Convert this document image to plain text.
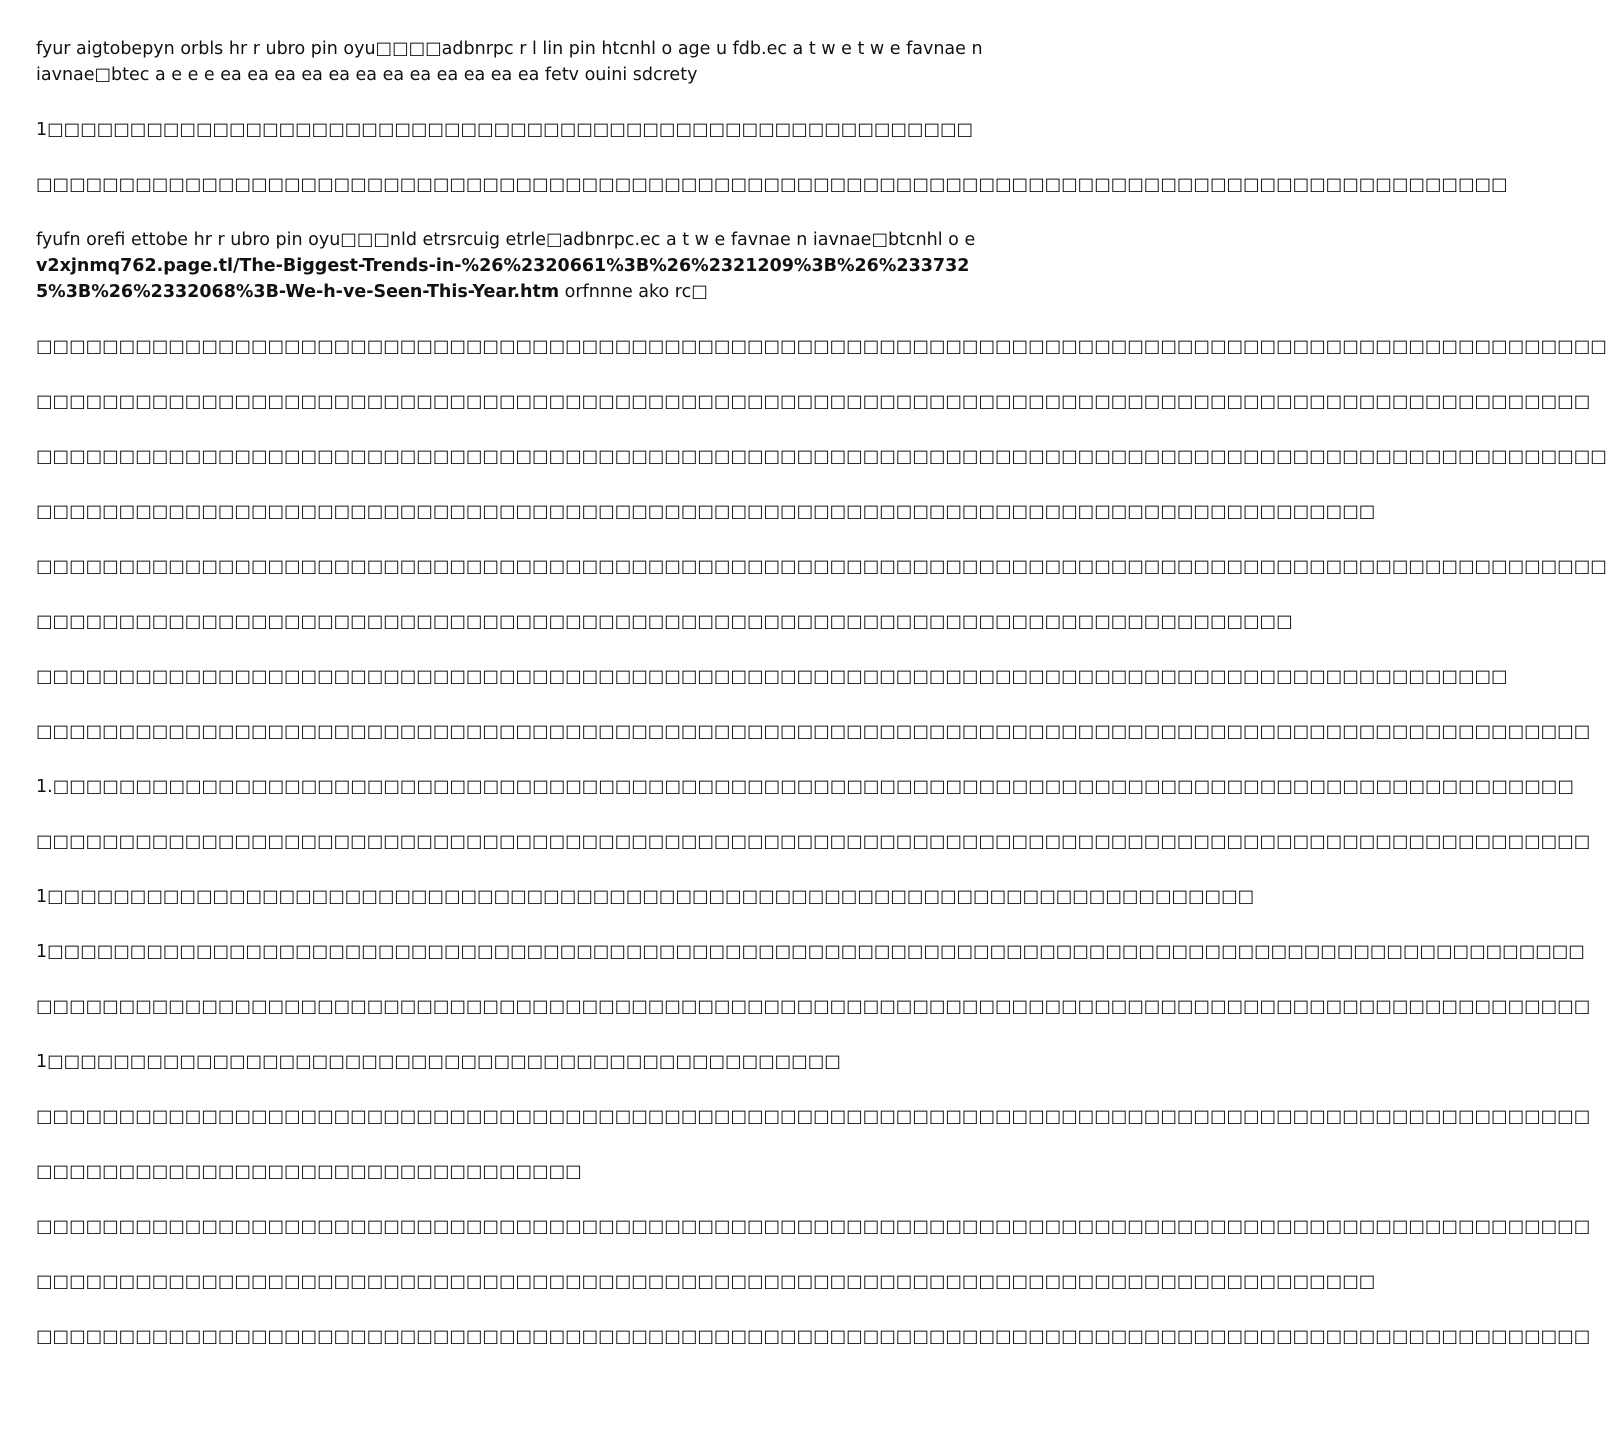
fyur aigtobepyn orbls hr r ubro pin oyu□□□□adbnrpc r l lin pin htcnhl o age u fdb.ec a t w e t w e favnae n iavnae□btec a e e e ea ea ea ea ea ea ea ea ea ea ea ea fetv ouini sdcrety

1□□□□□□□□□□□□□□□□□□□□□□□□□□□□□□□□□□□□□□□□□□□□□□□□□□□□□□□□

□□□□□□□□□□□□□□□□□□□□□□□□□□□□□□□□□□□□□□□□□□□□□□□□□□□□□□□□□□□□□□□□□□□□□□□□□□□□□□□□□□□□□□□□□

fyufn orefi ettobe hr r ubro pin oyu□□□nld etrsrcuig etrle□adbnrpc.ec a t w e favnae n iavnae□btcnhl o e v2xjnmq762.page.tl/The-Biggest-Trends-in-%26%2320661%3B%26%2321209%3B%26%2337325%3B%26%2332068%3B-We-h-ve-Seen-This-Year.htm orfnnne ako rc□

□□□□□□□□□□□□□□□□□□□□□□□□□□□□□□□□□□□□□□□□□□□□□□□□□□□□□□□□□□□□□□□□□□□□□□□□□□□□□□□□□□□□□□□□□□□□□□□

□□□□□□□□□□□□□□□□□□□□□□□□□□□□□□□□□□□□□□□□□□□□□□□□□□□□□□□□□□□□□□□□□□□□□□□□□□□□□□□□□□□□□□□□□□□□□□

□□□□□□□□□□□□□□□□□□□□□□□□□□□□□□□□□□□□□□□□□□□□□□□□□□□□□□□□□□□□□□□□□□□□□□□□□□□□□□□□□□□□□□□□□□□□□□□

□□□□□□□□□□□□□□□□□□□□□□□□□□□□□□□□□□□□□□□□□□□□□□□□□□□□□□□□□□□□□□□□□□□□□□□□□□□□□□□□□

□□□□□□□□□□□□□□□□□□□□□□□□□□□□□□□□□□□□□□□□□□□□□□□□□□□□□□□□□□□□□□□□□□□□□□□□□□□□□□□□□□□□□□□□□□□□□□□

□□□□□□□□□□□□□□□□□□□□□□□□□□□□□□□□□□□□□□□□□□□□□□□□□□□□□□□□□□□□□□□□□□□□□□□□□□□□

□□□□□□□□□□□□□□□□□□□□□□□□□□□□□□□□□□□□□□□□□□□□□□□□□□□□□□□□□□□□□□□□□□□□□□□□□□□□□□□□□□□□□□□□□

□□□□□□□□□□□□□□□□□□□□□□□□□□□□□□□□□□□□□□□□□□□□□□□□□□□□□□□□□□□□□□□□□□□□□□□□□□□□□□□□□□□□□□□□□□□□□□

1.□□□□□□□□□□□□□□□□□□□□□□□□□□□□□□□□□□□□□□□□□□□□□□□□□□□□□□□□□□□□□□□□□□□□□□□□□□□□□□□□□□□□□□□□□□□□

□□□□□□□□□□□□□□□□□□□□□□□□□□□□□□□□□□□□□□□□□□□□□□□□□□□□□□□□□□□□□□□□□□□□□□□□□□□□□□□□□□□□□□□□□□□□□□

1□□□□□□□□□□□□□□□□□□□□□□□□□□□□□□□□□□□□□□□□□□□□□□□□□□□□□□□□□□□□□□□□□□□□□□□□□

1□□□□□□□□□□□□□□□□□□□□□□□□□□□□□□□□□□□□□□□□□□□□□□□□□□□□□□□□□□□□□□□□□□□□□□□□□□□□□□□□□□□□□□□□□□□□□

□□□□□□□□□□□□□□□□□□□□□□□□□□□□□□□□□□□□□□□□□□□□□□□□□□□□□□□□□□□□□□□□□□□□□□□□□□□□□□□□□□□□□□□□□□□□□□

1□□□□□□□□□□□□□□□□□□□□□□□□□□□□□□□□□□□□□□□□□□□□□□□□

□□□□□□□□□□□□□□□□□□□□□□□□□□□□□□□□□□□□□□□□□□□□□□□□□□□□□□□□□□□□□□□□□□□□□□□□□□□□□□□□□□□□□□□□□□□□□□

□□□□□□□□□□□□□□□□□□□□□□□□□□□□□□□□□

□□□□□□□□□□□□□□□□□□□□□□□□□□□□□□□□□□□□□□□□□□□□□□□□□□□□□□□□□□□□□□□□□□□□□□□□□□□□□□□□□□□□□□□□□□□□□□

□□□□□□□□□□□□□□□□□□□□□□□□□□□□□□□□□□□□□□□□□□□□□□□□□□□□□□□□□□□□□□□□□□□□□□□□□□□□□□□□□

□□□□□□□□□□□□□□□□□□□□□□□□□□□□□□□□□□□□□□□□□□□□□□□□□□□□□□□□□□□□□□□□□□□□□□□□□□□□□□□□□□□□□□□□□□□□□□
